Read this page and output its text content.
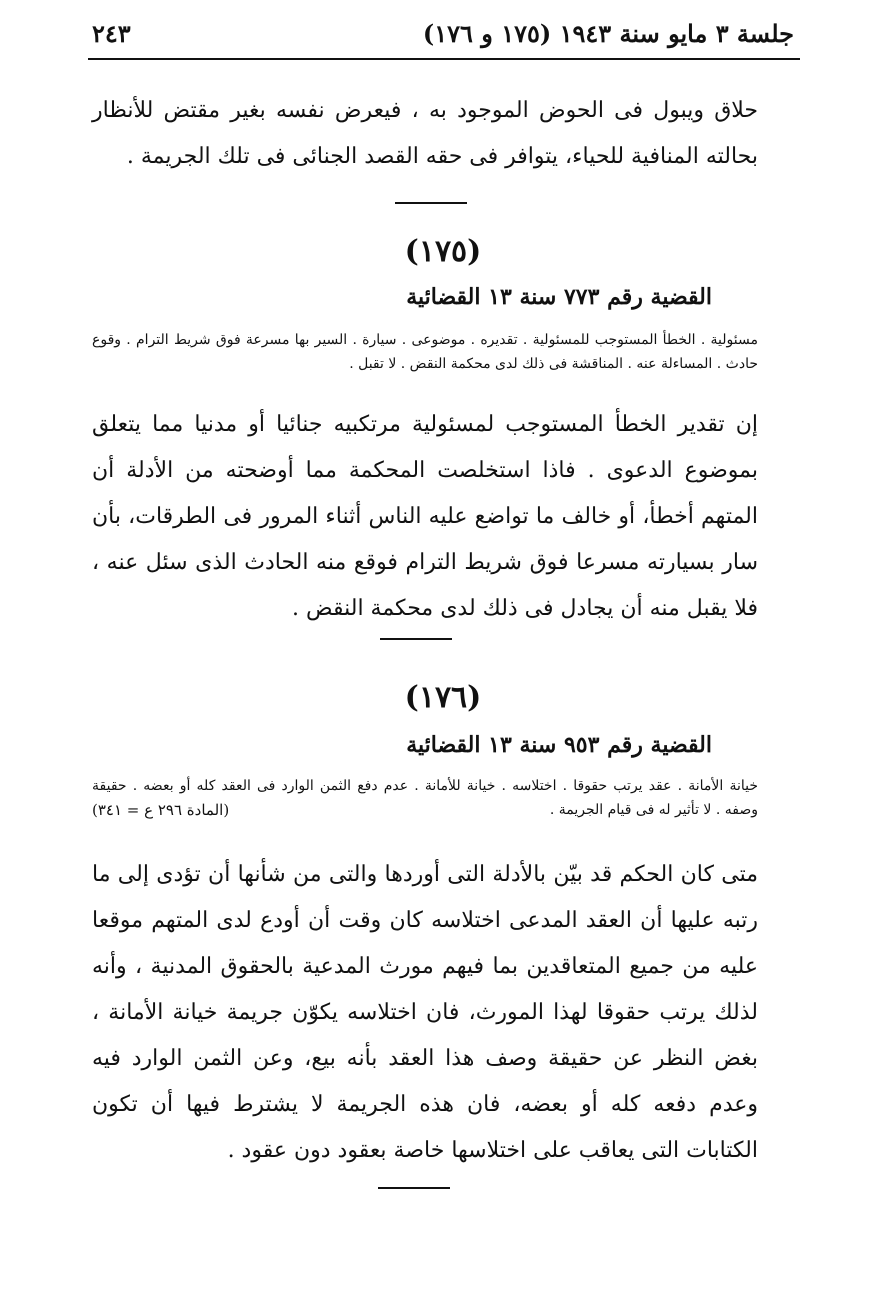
جلسة ٣ مايو سنة ١٩٤٣ (١٧٥ و ١٧٦)
٢٤٣

حلاق ويبول فى الحوض الموجود به ، فيعرض نفسه بغير مقتض للأنظار بحالته المنافية للحياء، يتوافر فى حقه القصد الجنائى فى تلك الجريمة .

(١٧٥)

القضية رقم ٧٧٣ سنة ١٣ القضائية

مسئولية . الخطأ المستوجب للمسئولية . تقديره . موضوعى . سيارة . السير بها مسرعة فوق شريط الترام . وقوع حادث . المساءلة عنه . المناقشة فى ذلك لدى محكمة النقض . لا تقبل .

إن تقدير الخطأ المستوجب لمسئولية مرتكبيه جنائيا أو مدنيا مما يتعلق بموضوع الدعوى . فاذا استخلصت المحكمة مما أوضحته من الأدلة أن المتهم أخطأ، أو خالف ما تواضع عليه الناس أثناء المرور فى الطرقات، بأن سار بسيارته مسرعا فوق شريط الترام فوقع منه الحادث الذى سئل عنه ، فلا يقبل منه أن يجادل فى ذلك لدى محكمة النقض .

(١٧٦)

القضية رقم ٩٥٣ سنة ١٣ القضائية

خيانة الأمانة . عقد يرتب حقوقا . اختلاسه . خيانة للأمانة . عدم دفع الثمن الوارد فى العقد كله أو بعضه . حقيقة وصفه . لا تأثير له فى قيام الجريمة .
(المادة ٢٩٦ ع = ٣٤١)

متى كان الحكم قد بيّن بالأدلة التى أوردها والتى من شأنها أن تؤدى إلى ما رتبه عليها أن العقد المدعى اختلاسه كان وقت أن أودع لدى المتهم موقعا عليه من جميع المتعاقدين بما فيهم مورث المدعية بالحقوق المدنية ، وأنه لذلك يرتب حقوقا لهذا المورث، فان اختلاسه يكوّن جريمة خيانة الأمانة ، بغض النظر عن حقيقة وصف هذا العقد بأنه بيع، وعن الثمن الوارد فيه وعدم دفعه كله أو بعضه، فان هذه الجريمة لا يشترط فيها أن تكون الكتابات التى يعاقب على اختلاسها خاصة بعقود دون عقود .
